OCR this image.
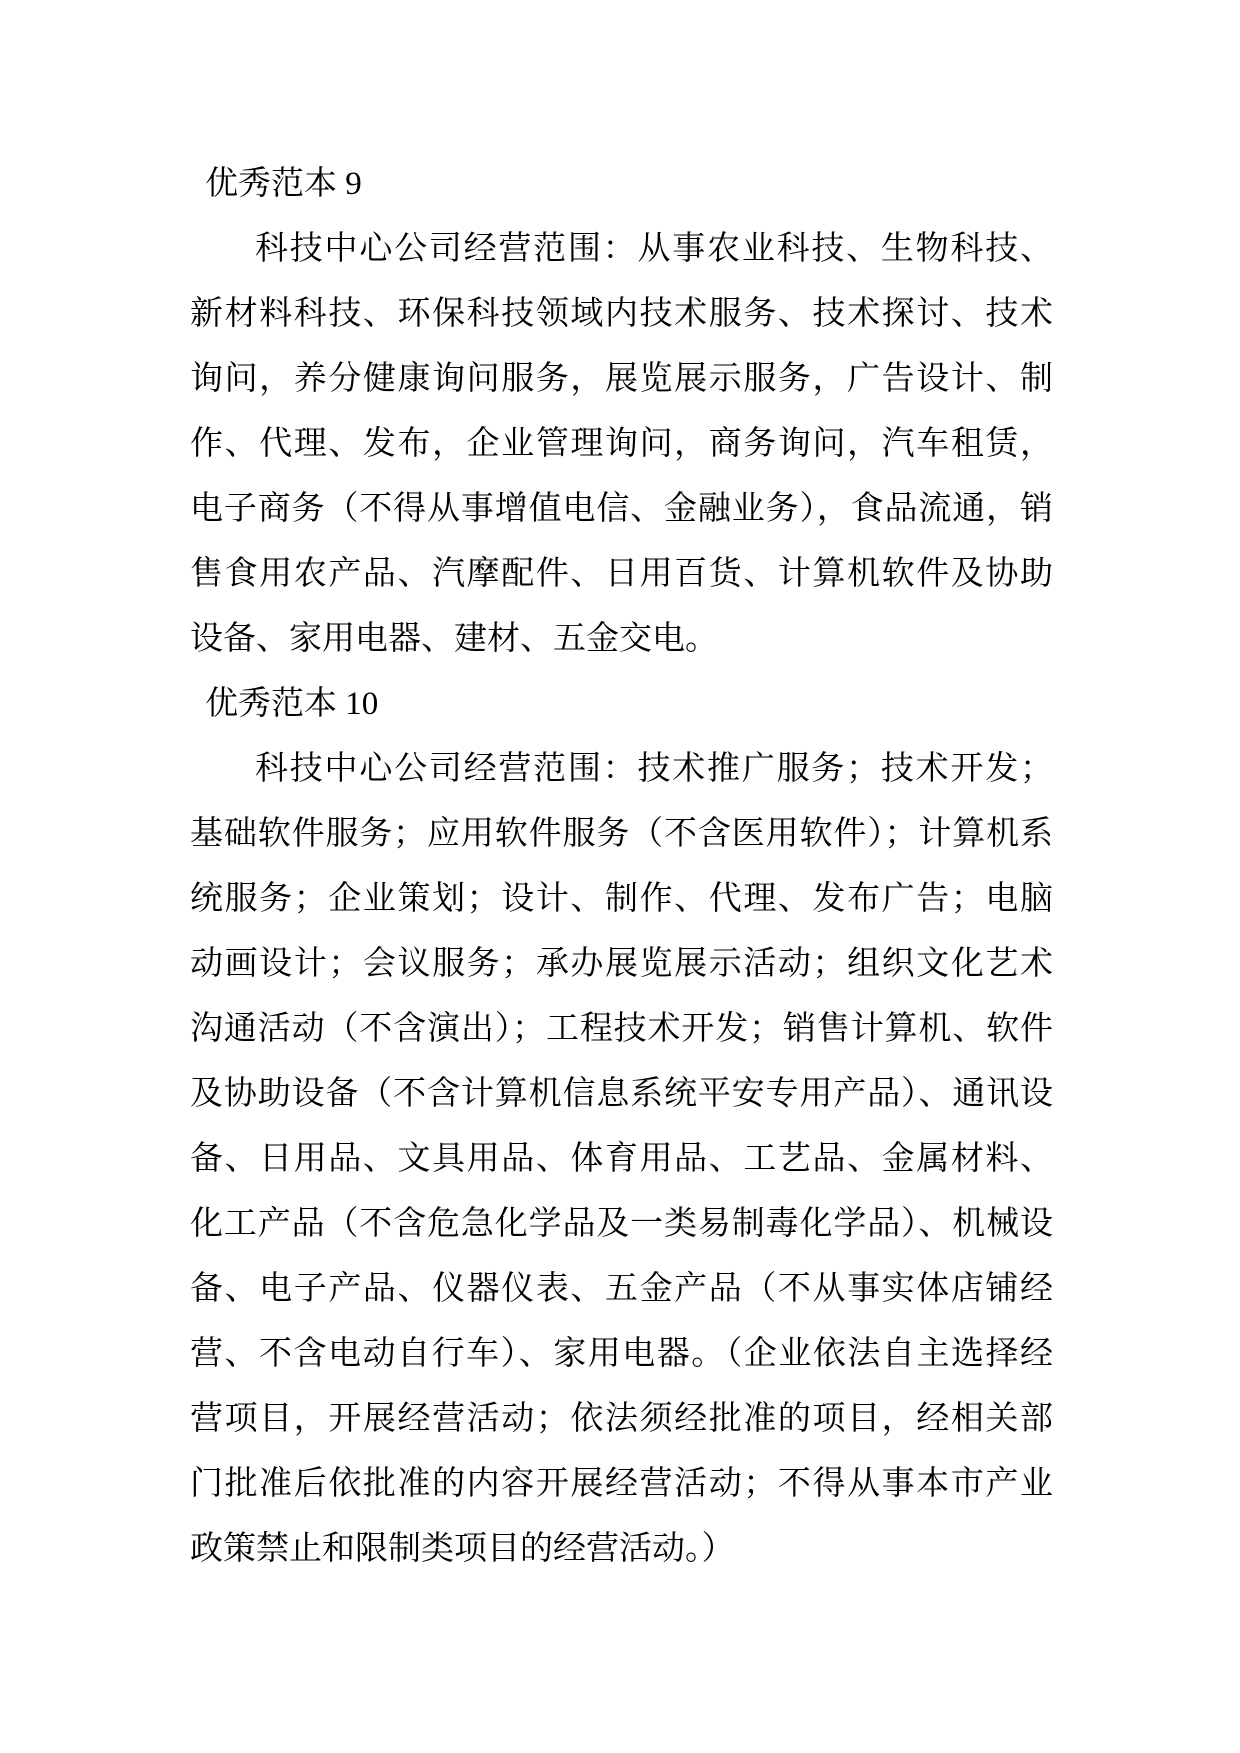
优秀范本 9
科技中心公司经营范围：从事农业科技、生物科技、
新材料科技、环保科技领域内技术服务、技术探讨、技术
询问，养分健康询问服务，展览展示服务，广告设计、制
作、代理、发布，企业管理询问，商务询问，汽车租赁，
电子商务（不得从事增值电信、金融业务），食品流通，销
售食用农产品、汽摩配件、日用百货、计算机软件及协助
设备、家用电器、建材、五金交电。
优秀范本 10
科技中心公司经营范围：技术推广服务；技术开发；
基础软件服务；应用软件服务（不含医用软件）；计算机系
统服务；企业策划；设计、制作、代理、发布广告；电脑
动画设计；会议服务；承办展览展示活动；组织文化艺术
沟通活动（不含演出）；工程技术开发；销售计算机、软件
及协助设备（不含计算机信息系统平安专用产品）、通讯设
备、日用品、文具用品、体育用品、工艺品、金属材料、
化工产品（不含危急化学品及一类易制毒化学品）、机械设
备、电子产品、仪器仪表、五金产品（不从事实体店铺经
营、不含电动自行车）、家用电器。（企业依法自主选择经
营项目，开展经营活动；依法须经批准的项目，经相关部
门批准后依批准的内容开展经营活动；不得从事本市产业
政策禁止和限制类项目的经营活动。）
